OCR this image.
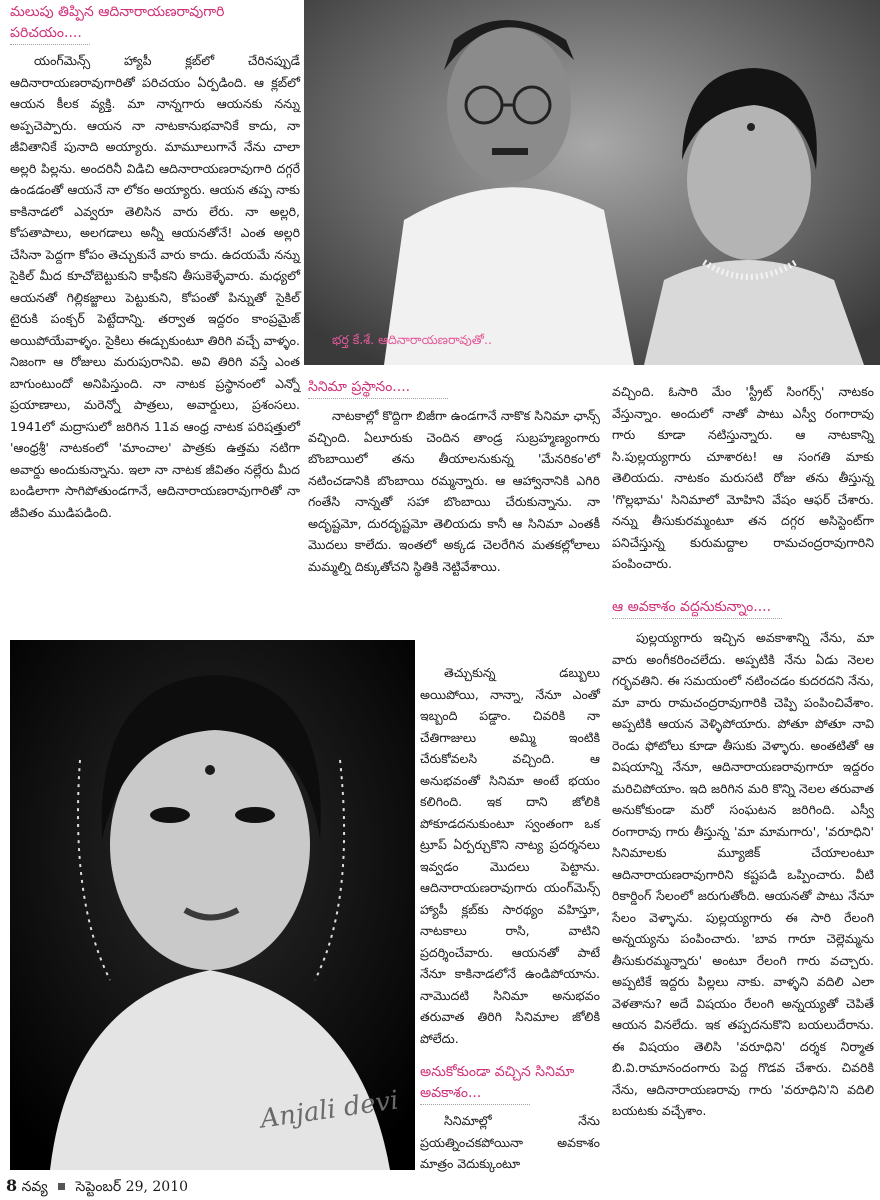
మలుపు తిప్పిన ఆదినారాయణరావుగారి పరిచయం....

యంగ్‌మెన్స్ హ్యాపీ క్లబ్‌లో చేరినప్పుడే ఆదినారాయణరావుగారితో పరిచయం ఏర్పడింది. ఆ క్లబ్‌లో ఆయన కీలక వ్యక్తి. మా నాన్నగారు ఆయనకు నన్ను అప్పచెప్పారు. ఆయన నా నాటకానుభవానికే కాదు, నా జీవితానికే పునాది అయ్యారు. మామూలుగానే నేను చాలా అల్లరి పిల్లను. అందరినీ విడిచి ఆదినారాయణరావుగారి దగ్గరే ఉండడంతో ఆయనే నా లోకం అయ్యారు. ఆయన తప్ప నాకు కాకినాడలో ఎవ్వరూ తెలిసిన వారు లేరు. నా అల్లరి, కోపతాపాలు, అలగడాలు అన్నీ ఆయనతోనే! ఎంత అల్లరి చేసినా పెద్దగా కోపం తెచ్చుకునే వారు కాదు. ఉదయమే నన్ను సైకిల్ మీద కూచోబెట్టుకుని కాఫీకని తీసుకెళ్ళేవారు. మధ్యలో ఆయనతో గిల్లికజ్జాలు పెట్టుకుని, కోపంతో పిన్నుతో సైకిల్ టైరుకి పంక్చర్ పెట్టేదాన్ని. తర్వాత ఇద్దరం కాంప్రమైజ్ అయిపోయేవాళ్ళం. సైకిలు ఈడ్చుకుంటూ తిరిగి వచ్చే వాళ్ళం. నిజంగా ఆ రోజులు మరుపురానివి. అవి తిరిగి వస్తే ఎంత బాగుంటుందో అనిపిస్తుంది. నా నాటక ప్రస్థానంలో ఎన్నో ప్రయాణాలు, మరెన్నో పాత్రలు, అవార్డులు, ప్రశంసలు. 1941లో మద్రాసులో జరిగిన 11వ ఆంధ్ర నాటక పరిషత్తులో 'ఆంధ్రశ్రీ' నాటకంలో 'మాంచాల' పాత్రకు ఉత్తమ నటిగా అవార్డు అందుకున్నాను. ఇలా నా నాటక జీవితం నల్లేరు మీద బండిలాగా సాగిపోతుండగానే, ఆదినారాయణరావుగారితో నా జీవితం ముడిపడింది.

భర్త కే.శే. ఆదినారాయణరావుతో..
సినిమా ప్రస్థానం....

నాటకాల్లో కొద్దిగా బిజీగా ఉండగానే నాకొక సినిమా ఛాన్స్ వచ్చింది. ఏలూరుకు చెందిన తాండ్ర సుబ్రహ్మణ్యంగారు బొంబాయిలో తను తీయాలనుకున్న 'మేనరికం'లో నటించడానికి బొంబాయి రమ్మన్నారు. ఆ ఆహ్వానానికి ఎగిరి గంతేసి నాన్నతో సహా బొంబాయి చేరుకున్నాను. నా అదృష్టమో, దురదృష్టమో తెలియదు కానీ ఆ సినిమా ఎంతకీ మొదలు కాలేదు. ఇంతలో అక్కడ చెలరేగిన మతకల్లోలాలు మమ్మల్ని దిక్కుతోచని స్థితికి నెట్టివేశాయి.

తెచ్చుకున్న డబ్బులు అయిపోయి, నాన్నా, నేనూ ఎంతో ఇబ్బంది పడ్డాం. చివరికి నా చేతిగాజులు అమ్మి ఇంటికి చేరుకోవలసి వచ్చింది. ఆ అనుభవంతో సినిమా అంటే భయం కలిగింది. ఇక దాని జోలికి పోకూడదనుకుంటూ స్వంతంగా ఒక ట్రూప్ ఏర్పర్చుకొని నాట్య ప్రదర్శనలు ఇవ్వడం మొదలు పెట్టాను. ఆదినారాయణరావుగారు యంగ్‌మెన్స్ హ్యాపీ క్లబ్‌కు సారథ్యం వహిస్తూ, నాటకాలు రాసి, వాటిని ప్రదర్శించేవారు. ఆయనతో పాటే నేనూ కాకినాడలోనే ఉండిపోయాను. నామొదటి సినిమా అనుభవం తరువాత తిరిగి సినిమాల జోలికి పోలేదు.

అనుకోకుండా వచ్చిన సినిమా అవకాశం...

సినిమాల్లో నేను ప్రయత్నించకపోయినా అవకాశం మాత్రం వెదుక్కుంటూ

Anjali devi

వచ్చింది. ఓసారి మేం 'స్ట్రీట్ సింగర్స్' నాటకం వేస్తున్నాం. అందులో నాతో పాటు ఎస్వీ రంగారావు గారు కూడా నటిస్తున్నారు. ఆ నాటకాన్ని సి.పుల్లయ్యగారు చూశారట! ఆ సంగతి మాకు తెలియదు. నాటకం మరుసటి రోజు తను తీస్తున్న 'గొల్లభామ' సినిమాలో మోహిని వేషం ఆఫర్ చేశారు. నన్ను తీసుకురమ్మంటూ తన దగ్గర అసిస్టెంట్‌గా పనిచేస్తున్న కురుమద్దాల రామచంద్రరావుగారిని పంపించారు.

ఆ అవకాశం వద్దనుకున్నాం....

పుల్లయ్యగారు ఇచ్చిన అవకాశాన్ని నేను, మా వారు అంగీకరించలేదు. అప్పటికి నేను ఏడు నెలల గర్భవతిని. ఈ సమయంలో నటించడం కుదరదని నేను, మా వారు రామచంద్రరావుగారికి చెప్పి పంపించివేశాం. అప్పటికి ఆయన వెళ్ళిపోయారు. పోతూ పోతూ నావి రెండు ఫోటోలు కూడా తీసుకు వెళ్ళారు. అంతటితో ఆ విషయాన్ని నేనూ, ఆదినారాయణరావుగారూ ఇద్దరం మరిచిపోయాం. ఇది జరిగిన మరి కొన్ని నెలల తరువాత అనుకోకుండా మరో సంఘటన జరిగింది. ఎస్వీ రంగారావు గారు తీస్తున్న 'మా మామగారు', 'వరూధిని' సినిమాలకు మ్యూజిక్ చేయాలంటూ ఆదినారాయణరావుగారిని కష్టపడి ఒప్పించారు. వీటి రికార్డింగ్ సేలంలో జరుగుతోంది. ఆయనతో పాటు నేనూ సేలం వెళ్ళాను. పుల్లయ్యగారు ఈ సారి రేలంగి అన్నయ్యను పంపించారు. 'బావ గారూ చెల్లెమ్మను తీసుకురమ్మన్నారు' అంటూ రేలంగి గారు వచ్చారు. అప్పటికే ఇద్దరు పిల్లలు నాకు. వాళ్ళని వదిలి ఎలా వెళతాను? అదే విషయం రేలంగి అన్నయ్యతో చెపితే ఆయన వినలేదు. ఇక తప్పదనుకొని బయలుదేరాను. ఈ విషయం తెలిసి 'వరూధిని' దర్శక నిర్మాత బి.వి.రామానందంగారు పెద్ద గొడవ చేశారు. చివరికి నేను, ఆదినారాయణరావు గారు 'వరూధిని'ని వదిలి బయటకు వచ్చేశాం.

8 నవ్య సెప్టెంబర్ 29, 2010
